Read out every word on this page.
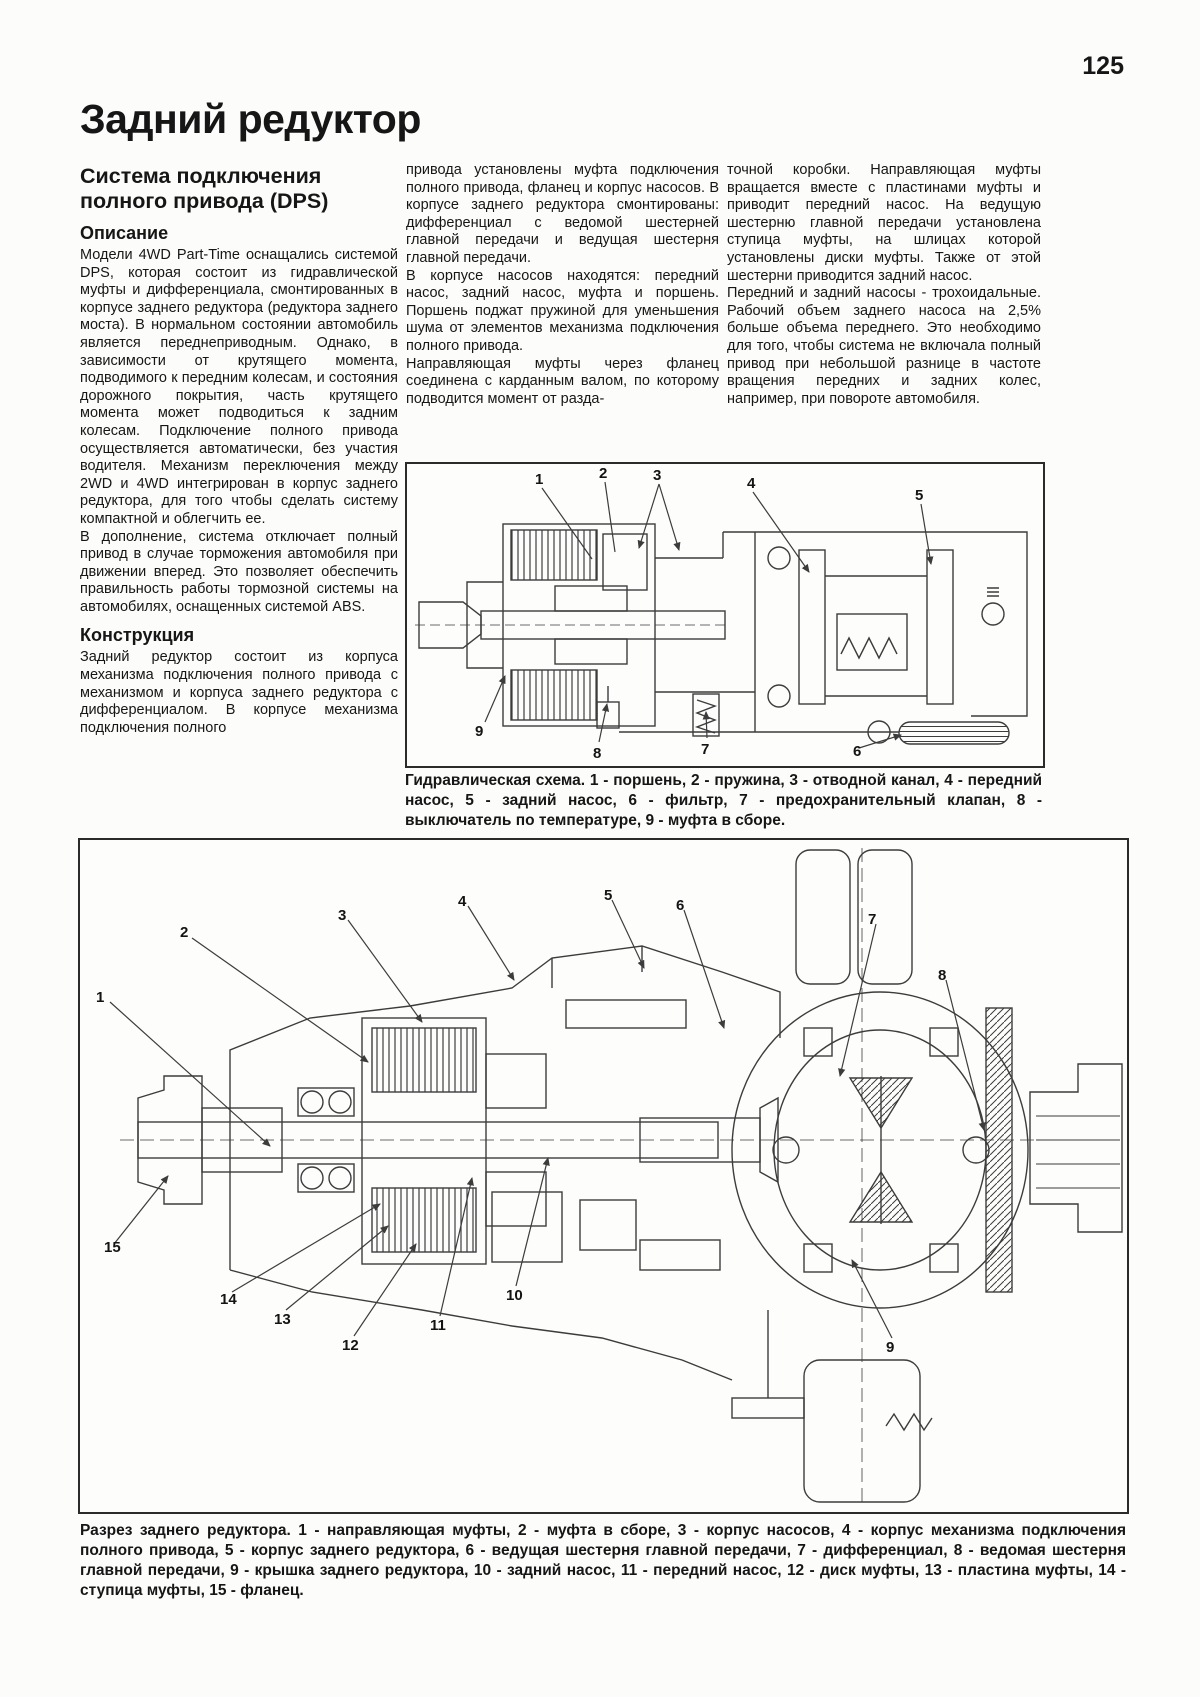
125
Задний редуктор
Система подключения полного привода (DPS)
Описание

Модели 4WD Part-Time оснащались системой DPS, которая состоит из гидравлической муфты и дифференциала, смонтированных в корпусе заднего редуктора (редуктора заднего моста). В нормальном состоянии автомобиль является переднеприводным. Однако, в зависимости от крутящего момента, подводимого к передним колесам, и состояния дорожного покрытия, часть крутящего момента может подводиться к задним колесам. Подключение полного привода осуществляется автоматически, без участия водителя. Механизм переключения между 2WD и 4WD интегрирован в корпус заднего редуктора, для того чтобы сделать систему компактной и облегчить ее.

В дополнение, система отключает полный привод в случае торможения автомобиля при движении вперед. Это позволяет обеспечить правильность работы тормозной системы на автомобилях, оснащенных системой ABS.

Конструкция

Задний редуктор состоит из корпуса механизма подключения полного привода с механизмом и корпуса заднего редуктора с дифференциалом. В корпусе механизма подключения полного

привода установлены муфта подключения полного привода, фланец и корпус насосов. В корпусе заднего редуктора смонтированы: дифференциал с ведомой шестерней главной передачи и ведущая шестерня главной передачи.

В корпусе насосов находятся: передний насос, задний насос, муфта и поршень. Поршень поджат пружиной для уменьшения шума от элементов механизма подключения полного привода.

Направляющая муфты через фланец соединена с карданным валом, по которому подводится момент от разда-

точной коробки. Направляющая муфты вращается вместе с пластинами муфты и приводит передний насос. На ведущую шестерню главной передачи установлена ступица муфты, на шлицах которой установлены диски муфты. Также от этой шестерни приводится задний насос.

Передний и задний насосы - трохоидальные. Рабочий объем заднего насоса на 2,5% больше объема переднего. Это необходимо для того, чтобы система не включала полный привод при небольшой разнице в частоте вращения передних и задних колес, например, при повороте автомобиля.

1	2	3	4
5
6
7
8
9
Гидравлическая схема. 1 - поршень, 2 - пружина, 3 - отводной канал, 4 - передний насос, 5 - задний насос, 6 - фильтр, 7 - предохранительный клапан, 8 - выключатель по температуре, 9 - муфта в сборе.
1
2
3
4	5
6
7
8
9
10
11
12
13
14
15
Разрез заднего редуктора. 1 - направляющая муфты, 2 - муфта в сборе, 3 - корпус насосов, 4 - корпус механизма подключения полного привода, 5 - корпус заднего редуктора, 6 - ведущая шестерня главной передачи, 7 - дифференциал, 8 - ведомая шестерня главной передачи, 9 - крышка заднего редуктора, 10 - задний насос, 11 - передний насос, 12 - диск муфты, 13 - пластина муфты, 14 - ступица муфты, 15 - фланец.
